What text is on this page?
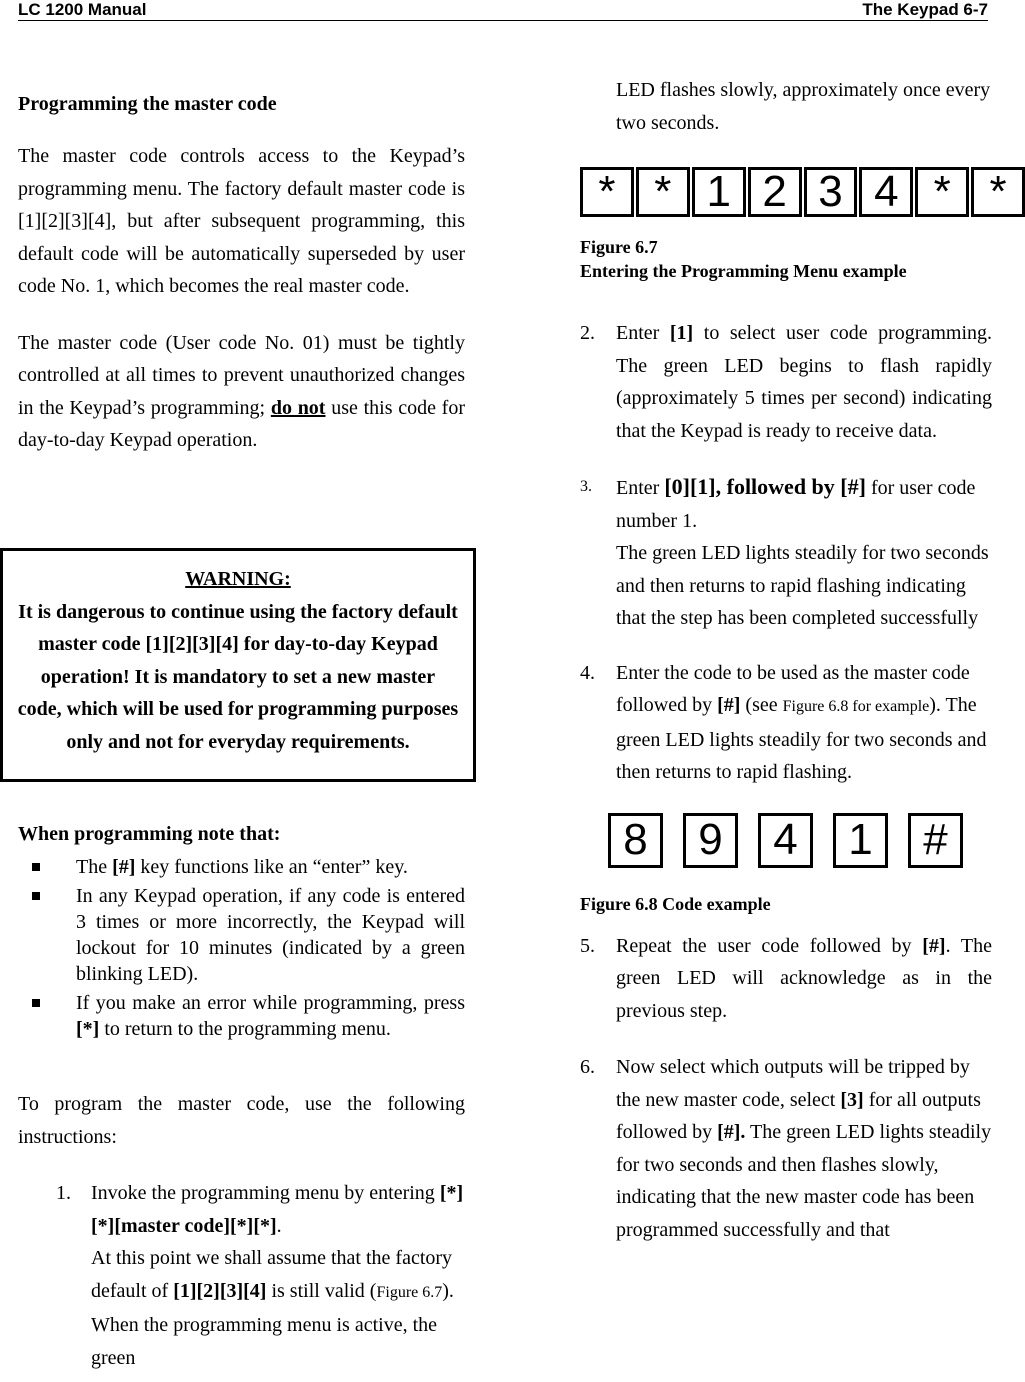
LC 1200 Manual	The Keypad 6-7
Programming the master code

The master code controls access to the Keypad’s programming menu. The factory default master code is [1][2][3][4], but after subsequent programming, this default code will be automatically superseded by user code No. 1, which becomes the real master code.

The master code (User code No. 01) must be tightly controlled at all times to prevent unauthorized changes in the Keypad’s programming; do not use this code for day-to-day Keypad operation.

WARNING:
It is dangerous to continue using the factory default master code [1][2][3][4] for day-to-day Keypad operation! It is mandatory to set a new master code, which will be used for programming purposes only and not for everyday requirements.
When programming note that:
The [#] key functions like an “enter” key.
In any Keypad operation, if any code is entered 3 times or more incorrectly, the Keypad will lockout for 10 minutes (indicated by a green blinking LED).
If you make an error while programming, press [*] to return to the programming menu.

To program the master code, use the following instructions:

1. Invoke the programming menu by entering [*][*][master code][*][*].
At this point we shall assume that the factory default of [1][2][3][4] is still valid (Figure 6.7). When the programming menu is active, the green
LED flashes slowly, approximately once every two seconds.
* * 1 2 3 4 * *
Figure 6.7
Entering the Programming Menu example
2. Enter [1] to select user code programming. The green LED begins to flash rapidly (approximately 5 times per second) indicating that the Keypad is ready to receive data.
3. Enter [0][1], followed by [#] for user code number 1.
The green LED lights steadily for two seconds and then returns to rapid flashing indicating that the step has been completed successfully
4. Enter the code to be used as the master code followed by [#] (see Figure 6.8 for example). The green LED lights steadily for two seconds and then returns to rapid flashing.
8	9	4	1	#
Figure 6.8 Code example
5. Repeat the user code followed by [#]. The green LED will acknowledge as in the previous step.
6. Now select which outputs will be tripped by the new master code, select [3] for all outputs followed by [#]. The green LED lights steadily for two seconds and then flashes slowly, indicating that the new master code has been programmed successfully and that
